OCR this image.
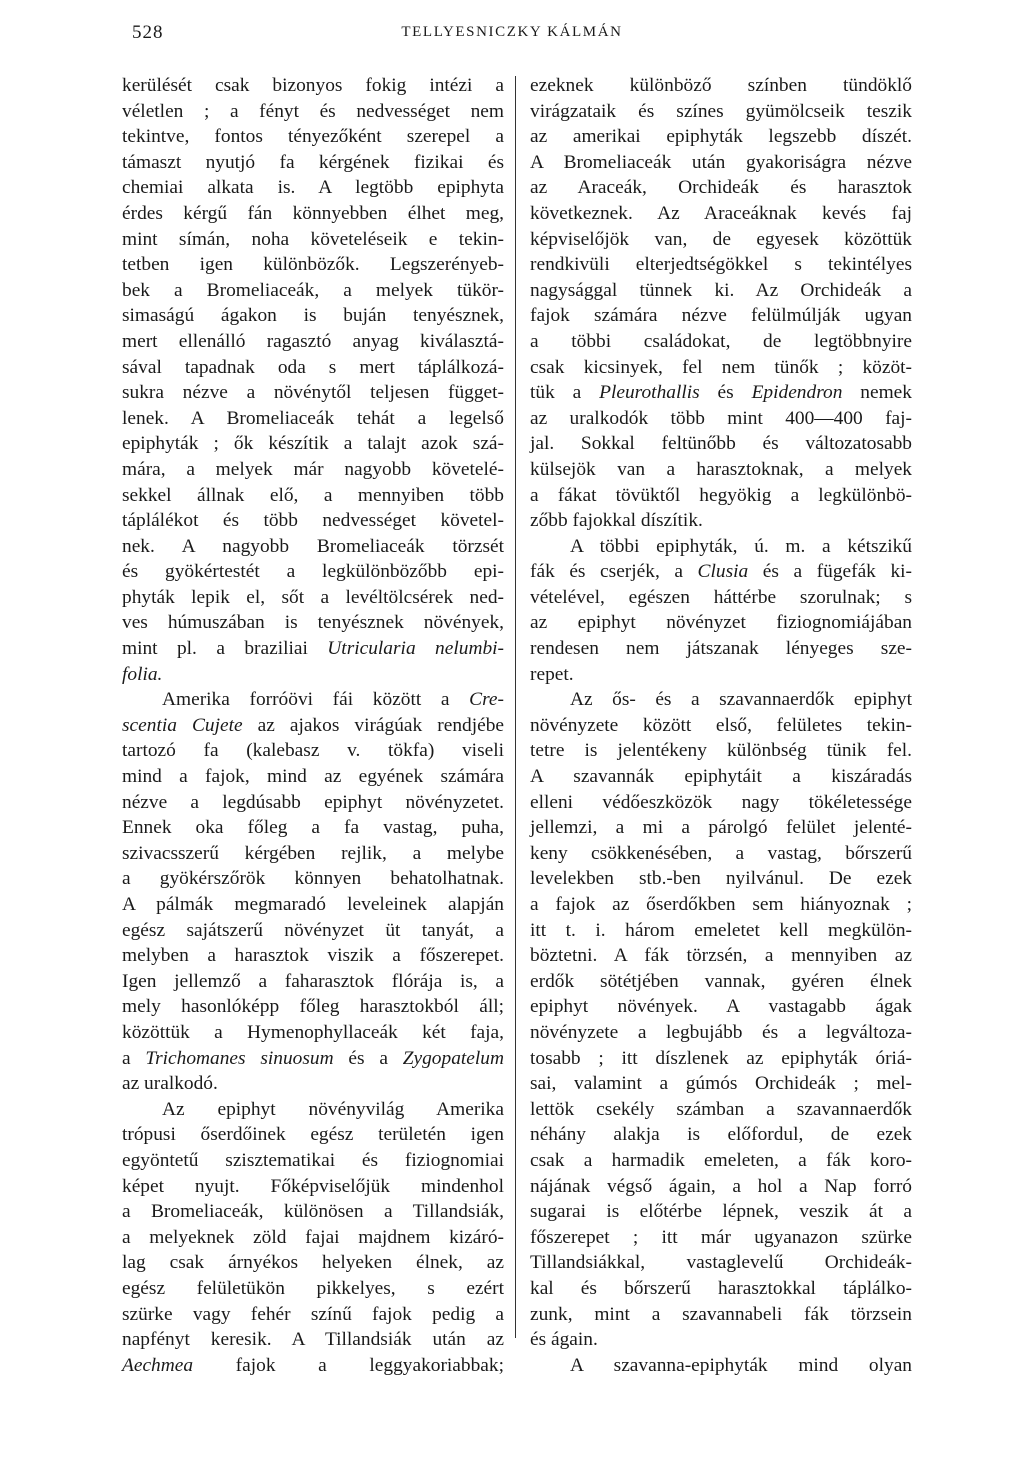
528	TELLYESNICZKY KÁLMÁN
kerülését csak bizonyos fokig intézi a
véletlen ; a fényt és nedvességet nem
tekintve, fontos tényezőként szerepel a
támaszt nyutjó fa kérgének fizikai és
chemiai alkata is. A legtöbb epiphyta
érdes kérgű fán könnyebben élhet meg,
mint símán, noha követeléseik e tekin-
tetben igen különbözők. Legszerényeb-
bek a Bromeliaceák, a melyek tükör-
simaságú ágakon is buján tenyésznek,
mert ellenálló ragasztó anyag kiválasztá-
sával tapadnak oda s mert táplálkozá-
sukra nézve a növénytől teljesen függet-
lenek. A Bromeliaceák tehát a legelső
epiphyták ; ők készítik a talajt azok szá-
mára, a melyek már nagyobb követelé-
sekkel állnak elő, a mennyiben több
táplálékot és több nedvességet követel-
nek. A nagyobb Bromeliaceák törzsét
és gyökértestét a legkülönbözőbb epi-
phyták lepik el, sőt a levéltölcsérek ned-
ves húmuszában is tenyésznek növények,
mint pl. a braziliai Utricularia nelumbi-
folia.
Amerika forróövi fái között a Cre-
scentia Cujete az ajakos virágúak rendjébe
tartozó fa (kalebasz v. tökfa) viseli
mind a fajok, mind az egyének számára
nézve a legdúsabb epiphyt növényzetet.
Ennek oka főleg a fa vastag, puha,
szivacsszerű kérgében rejlik, a melybe
a gyökérszőrök könnyen behatolhatnak.
A pálmák megmaradó leveleinek alapján
egész sajátszerű növényzet üt tanyát, a
melyben a harasztok viszik a főszerepet.
Igen jellemző a faharasztok flórája is, a
mely hasonlóképp főleg harasztokból áll;
közöttük a Hymenophyllaceák két faja,
a Trichomanes sinuosum és a Zygopatelum
az uralkodó.
Az epiphyt növényvilág Amerika
trópusi őserdőinek egész területén igen
egyöntetű szisztematikai és fiziognomiai
képet nyujt. Főképviselőjük mindenhol
a Bromeliaceák, különösen a Tillandsiák,
a melyeknek zöld fajai majdnem kizáró-
lag csak árnyékos helyeken élnek, az
egész felületükön pikkelyes, s ezért
szürke vagy fehér színű fajok pedig a
napfényt keresik. A Tillandsiák után az
Aechmea fajok a leggyakoriabbak;
ezeknek különböző színben tündöklő
virágzataik és színes gyümölcseik teszik
az amerikai epiphyták legszebb díszét.
A Bromeliaceák után gyakoriságra nézve
az Araceák, Orchideák és harasztok
következnek. Az Araceáknak kevés faj
képviselőjök van, de egyesek közöttük
rendkivüli elterjedtségökkel s tekintélyes
nagysággal tünnek ki. Az Orchideák a
fajok számára nézve felülmúlják ugyan
a többi családokat, de legtöbbnyire
csak kicsinyek, fel nem tünők ; közöt-
tük a Pleurothallis és Epidendron nemek
az uralkodók több mint 400—400 faj-
jal. Sokkal feltünőbb és változatosabb
külsejök van a harasztoknak, a melyek
a fákat tövüktől hegyökig a legkülönbö-
zőbb fajokkal díszítik.
A többi epiphyták, ú. m. a kétszikű
fák és cserjék, a Clusia és a fügefák ki-
vételével, egészen háttérbe szorulnak; s
az epiphyt növényzet fiziognomiájában
rendesen nem játszanak lényeges sze-
repet.
Az ős- és a szavannaerdők epiphyt
növényzete között első, felületes tekin-
tetre is jelentékeny különbség tünik fel.
A szavannák epiphytáit a kiszáradás
elleni védőeszközök nagy tökéletessége
jellemzi, a mi a párolgó felület jelenté-
keny csökkenésében, a vastag, bőrszerű
levelekben stb.-ben nyilvánul. De ezek
a fajok az őserdőkben sem hiányoznak ;
itt t. i. három emeletet kell megkülön-
böztetni. A fák törzsén, a mennyiben az
erdők sötétjében vannak, gyéren élnek
epiphyt növények. A vastagabb ágak
növényzete a legbujább és a legváltoza-
tosabb ; itt díszlenek az epiphyták óriá-
sai, valamint a gúmós Orchideák ; mel-
lettök csekély számban a szavannaerdők
néhány alakja is előfordul, de ezek
csak a harmadik emeleten, a fák koro-
nájának végső ágain, a hol a Nap forró
sugarai is előtérbe lépnek, veszik át a
főszerepet ; itt már ugyanazon szürke
Tillandsiákkal, vastaglevelű Orchideák-
kal és bőrszerű harasztokkal táplálko-
zunk, mint a szavannabeli fák törzsein
és ágain.
A szavanna-epiphyták mind olyan
